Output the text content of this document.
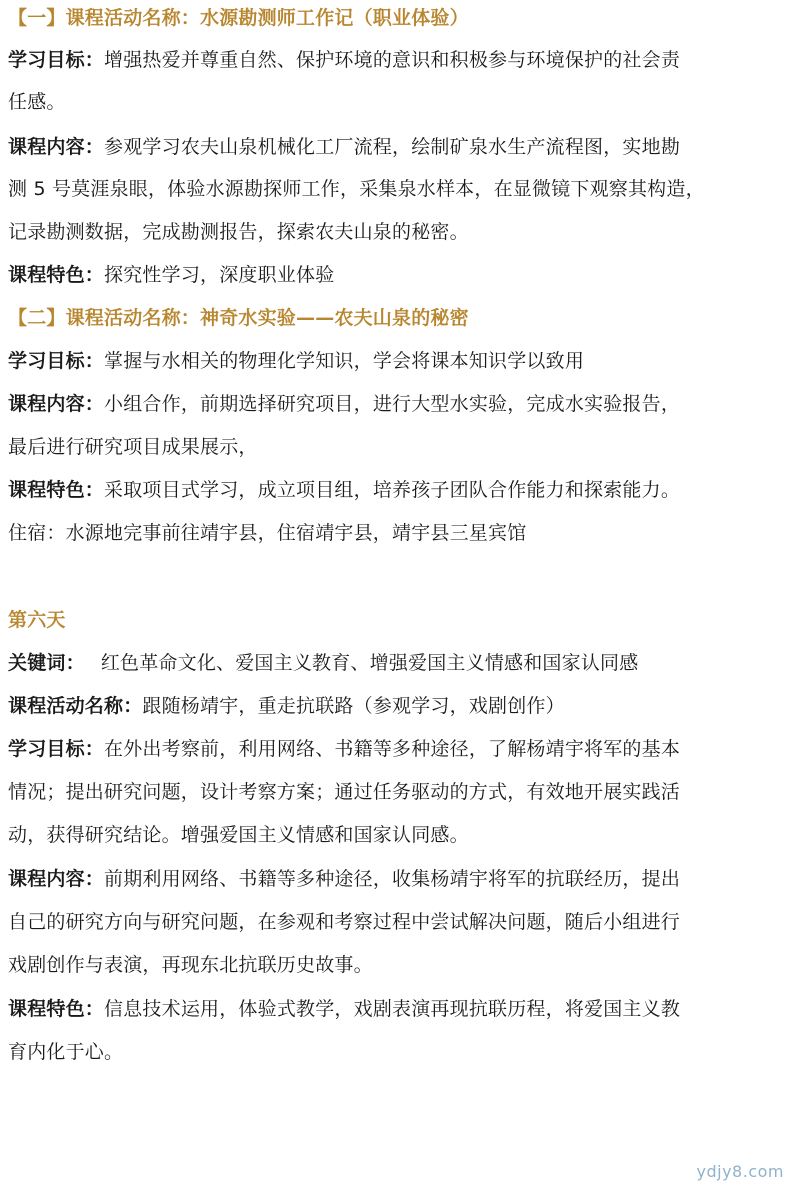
【一】课程活动名称：水源勘测师工作记（职业体验）
学习目标：增强热爱并尊重自然、保护环境的意识和积极参与环境保护的社会责
任感。
课程内容：参观学习农夫山泉机械化工厂流程，绘制矿泉水生产流程图，实地勘
测 5 号莫涯泉眼，体验水源勘探师工作，采集泉水样本，在显微镜下观察其构造，
记录勘测数据，完成勘测报告，探索农夫山泉的秘密。
课程特色：探究性学习，深度职业体验
【二】课程活动名称：神奇水实验——农夫山泉的秘密
学习目标：掌握与水相关的物理化学知识，学会将课本知识学以致用
课程内容：小组合作，前期选择研究项目，进行大型水实验，完成水实验报告，
最后进行研究项目成果展示，
课程特色：采取项目式学习，成立项目组，培养孩子团队合作能力和探索能力。
住宿：水源地完事前往靖宇县，住宿靖宇县，靖宇县三星宾馆
第六天
关键词： 红色革命文化、爱国主义教育、增强爱国主义情感和国家认同感
课程活动名称：跟随杨靖宇，重走抗联路（参观学习，戏剧创作）
学习目标：在外出考察前，利用网络、书籍等多种途径，了解杨靖宇将军的基本
情况；提出研究问题，设计考察方案；通过任务驱动的方式，有效地开展实践活
动，获得研究结论。增强爱国主义情感和国家认同感。
课程内容：前期利用网络、书籍等多种途径，收集杨靖宇将军的抗联经历，提出
自己的研究方向与研究问题，在参观和考察过程中尝试解决问题，随后小组进行
戏剧创作与表演，再现东北抗联历史故事。
课程特色：信息技术运用，体验式教学，戏剧表演再现抗联历程，将爱国主义教
育内化于心。
ydjy8.com
